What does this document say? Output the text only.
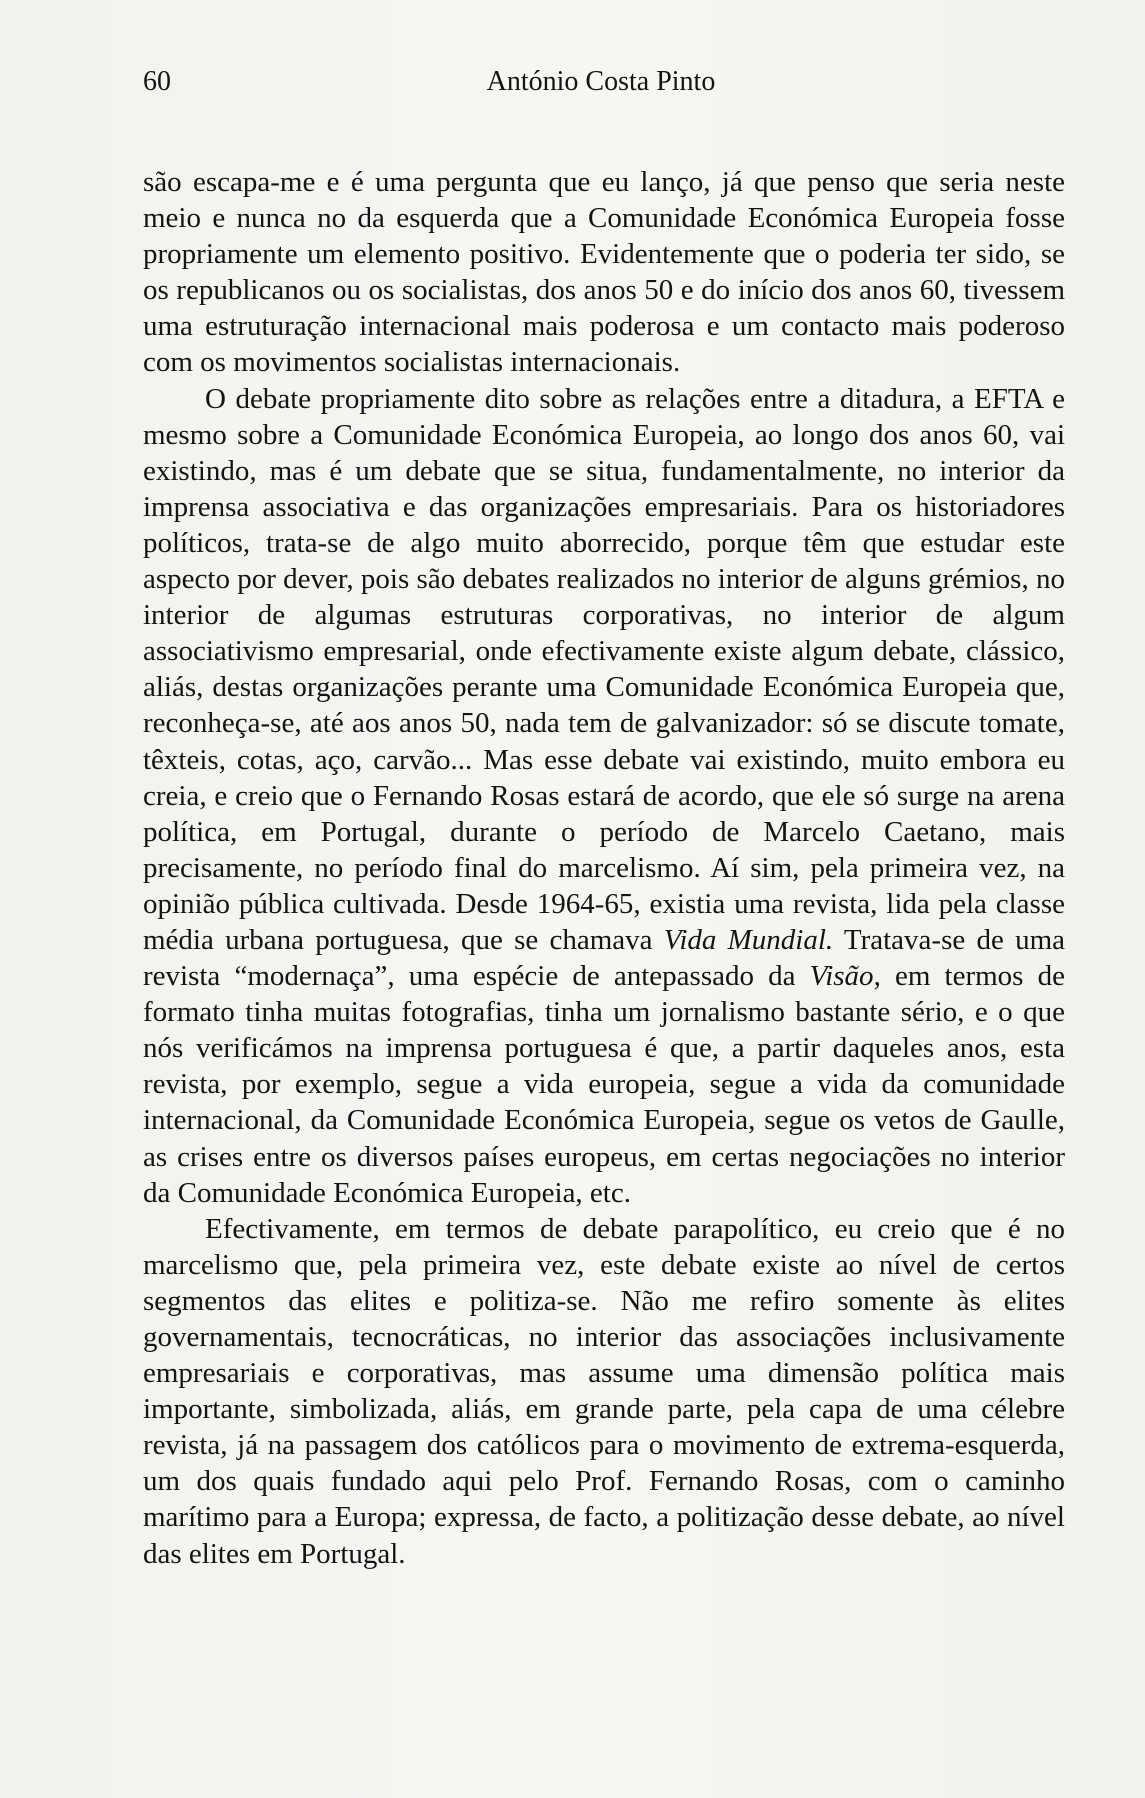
60	António Costa Pinto

são escapa-me e é uma pergunta que eu lanço, já que penso que seria neste meio e nunca no da esquerda que a Comunidade Económica Europeia fosse propriamente um elemento positivo. Evidentemente que o poderia ter sido, se os republicanos ou os socialistas, dos anos 50 e do início dos anos 60, tivessem uma estruturação internacional mais poderosa e um contacto mais poderoso com os movimentos socialistas internacionais.

O debate propriamente dito sobre as relações entre a ditadura, a EFTA e mesmo sobre a Comunidade Económica Europeia, ao longo dos anos 60, vai existindo, mas é um debate que se situa, fundamentalmente, no interior da imprensa associativa e das organizações empresariais. Para os historiadores políticos, trata-se de algo muito aborrecido, porque têm que estudar este aspecto por dever, pois são debates realizados no interior de alguns grémios, no interior de algumas estruturas corporativas, no interior de algum associativismo empresarial, onde efectivamente existe algum debate, clássico, aliás, destas organizações perante uma Comunidade Económica Europeia que, reconheça-se, até aos anos 50, nada tem de galvanizador: só se discute tomate, têxteis, cotas, aço, carvão... Mas esse debate vai existindo, muito embora eu creia, e creio que o Fernando Rosas estará de acordo, que ele só surge na arena política, em Portugal, durante o período de Marcelo Caetano, mais precisamente, no período final do marcelismo. Aí sim, pela primeira vez, na opinião pública cultivada. Desde 1964-65, existia uma revista, lida pela classe média urbana portuguesa, que se chamava Vida Mundial. Tratava-se de uma revista “modernaça”, uma espécie de antepassado da Visão, em termos de formato tinha muitas fotografias, tinha um jornalismo bastante sério, e o que nós verificámos na imprensa portuguesa é que, a partir daqueles anos, esta revista, por exemplo, segue a vida europeia, segue a vida da comunidade internacional, da Comunidade Económica Europeia, segue os vetos de Gaulle, as crises entre os diversos países europeus, em certas negociações no interior da Comunidade Económica Europeia, etc.

Efectivamente, em termos de debate parapolítico, eu creio que é no marcelismo que, pela primeira vez, este debate existe ao nível de certos segmentos das elites e politiza-se. Não me refiro somente às elites governamentais, tecnocráticas, no interior das associações inclusivamente empresariais e corporativas, mas assume uma dimensão política mais importante, simbolizada, aliás, em grande parte, pela capa de uma célebre revista, já na passagem dos católicos para o movimento de extrema-esquerda, um dos quais fundado aqui pelo Prof. Fernando Rosas, com o caminho marítimo para a Europa; expressa, de facto, a politização desse debate, ao nível das elites em Portugal.
